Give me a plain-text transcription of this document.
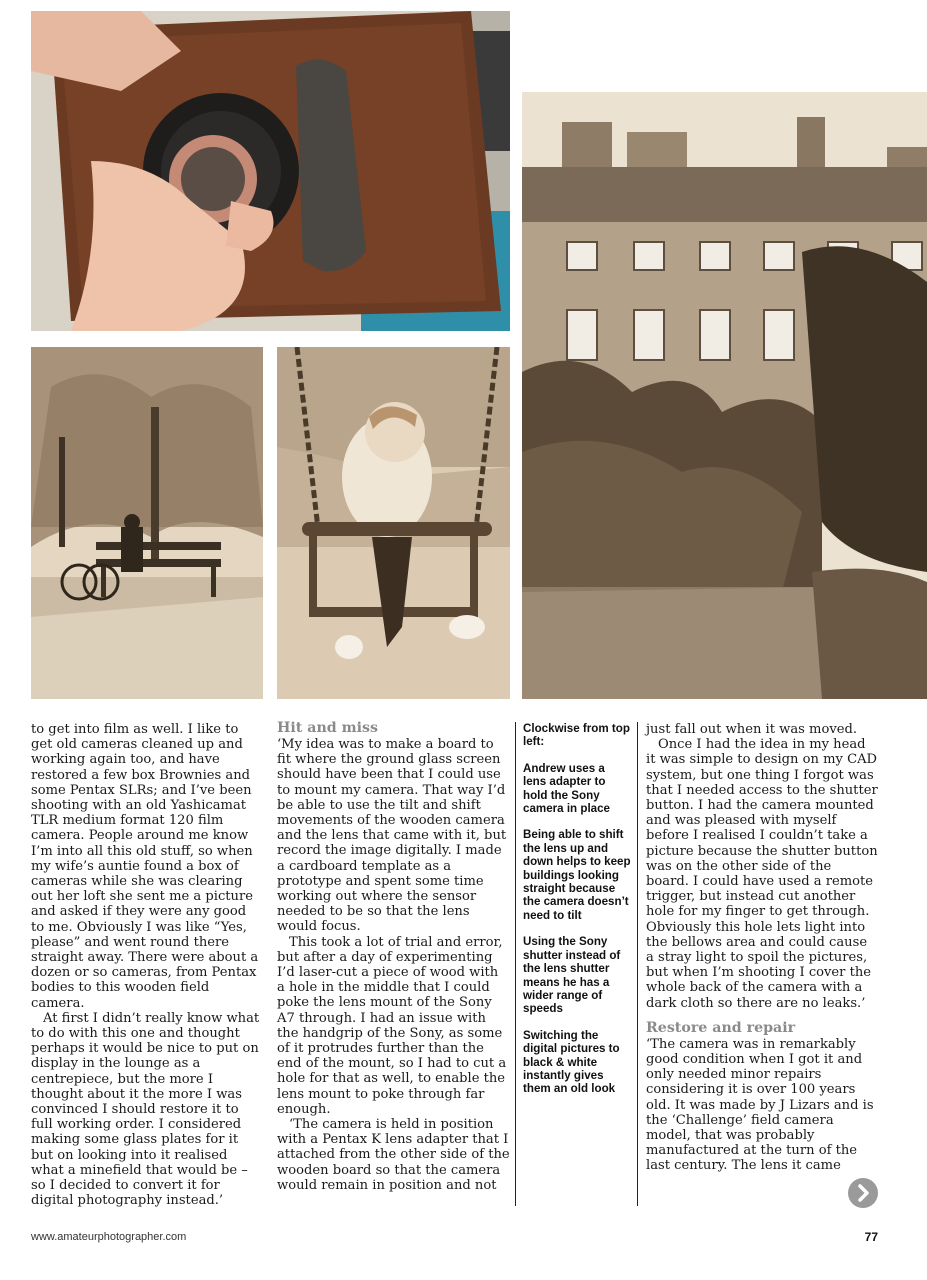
to get into film as well. I like to get old cameras cleaned up and working again too, and have restored a few box Brownies and some Pentax SLRs; and I’ve been shooting with an old Yashicamat TLR medium format 120 film camera. People around me know I’m into all this old stuff, so when my wife’s auntie found a box of cameras while she was clearing out her loft she sent me a picture and asked if they were any good to me. Obviously I was like “Yes, please” and went round there straight away. There were about a dozen or so cameras, from Pentax bodies to this wooden field camera.

At first I didn’t really know what to do with this one and thought perhaps it would be nice to put on display in the lounge as a centrepiece, but the more I thought about it the more I was convinced I should restore it to full working order. I considered making some glass plates for it but on looking into it realised what a minefield that would be – so I decided to convert it for digital photography instead.’

Hit and miss

‘My idea was to make a board to fit where the ground glass screen should have been that I could use to mount my camera. That way I’d be able to use the tilt and shift movements of the wooden camera and the lens that came with it, but record the image digitally. I made a cardboard template as a prototype and spent some time working out where the sensor needed to be so that the lens would focus.

This took a lot of trial and error, but after a day of experimenting I’d laser-cut a piece of wood with a hole in the middle that I could poke the lens mount of the Sony A7 through. I had an issue with the handgrip of the Sony, as some of it protrudes further than the end of the mount, so I had to cut a hole for that as well, to enable the lens mount to poke through far enough.

‘The camera is held in position with a Pentax K lens adapter that I attached from the other side of the wooden board so that the camera would remain in position and not

Clockwise from top left:

Andrew uses a lens adapter to hold the Sony camera in place

Being able to shift the lens up and down helps to keep buildings looking straight because the camera doesn’t need to tilt

Using the Sony shutter instead of the lens shutter means he has a wider range of speeds

Switching the digital pictures to black & white instantly gives them an old look

just fall out when it was moved.

Once I had the idea in my head it was simple to design on my CAD system, but one thing I forgot was that I needed access to the shutter button. I had the camera mounted and was pleased with myself before I realised I couldn’t take a picture because the shutter button was on the other side of the board. I could have used a remote trigger, but instead cut another hole for my finger to get through. Obviously this hole lets light into the bellows area and could cause a stray light to spoil the pictures, but when I’m shooting I cover the whole back of the camera with a dark cloth so there are no leaks.’

Restore and repair

‘The camera was in remarkably good condition when I got it and only needed minor repairs considering it is over 100 years old. It was made by J Lizars and is the ‘Challenge’ field camera model, that was probably manufactured at the turn of the last century. The lens it came

www.amateurphotographer.com	77
